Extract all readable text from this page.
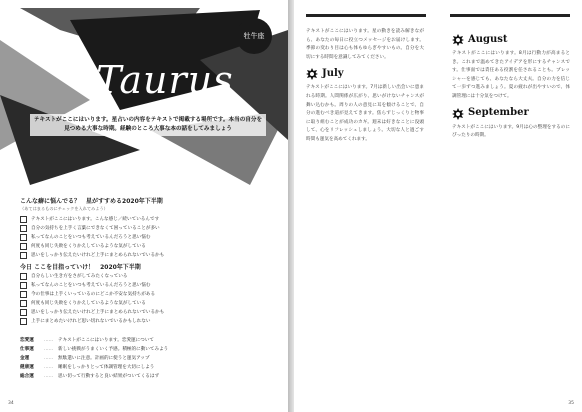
Taurus
牡牛座
テキストがここにはいります。星占いの内容をテキストで掲載する場所です。本当の自分を見つめる大事な時期。経験のところ大事な本の話をしてみましょう
こんな癖に悩んでる？　星がすすめる2020年下半期
（あてはまるものにチェックを入れてみよう）
テキストがここにはいります。こんな感じ／続いているんです
自分の気持ちを上手く言葉にできなくて困っていることが多い
私ってなんのことをいつも考えているんだろうと思い悩む
何度も同じ失敗をくりかえしているような気がしている
思いをしっかり伝えたいけれど上手にまとめられないでいるかも
今日 ここを目指っていけ！　2020年下半期
自分らしい生き方をさがしてみたくなっている
私ってなんのことをいつも考えているんだろうと思い悩む
今の仕事は上手くいっているのにどこか不安な気持ちがある
何度も同じ失敗をくりかえしているような気がしている
思いをしっかり伝えたいけれど上手にまとめられないでいるかも
上手にまとめたいけれど思い切れないでいるかもしれない
恋愛運	……	テキストがここにはいります。恋愛運について
仕事運	……	新しい挑戦がうまくいく予感。積極的に動いてみよう
金運	……	無駄遣いに注意。計画的に使うと運気アップ
健康運	……	睡眠をしっかりとって体調管理を大切にしよう
総合運	……	思い切って行動すると良い結果がついてくるはず
34

テキストがここにはいります。星の動きを読み解きながら、あなたの毎日に役立つメッセージをお届けします。季節の変わり目は心も体もゆらぎやすいもの。自分を大切にする時間を意識してみてください。

July

テキストがここにはいります。7月は新しい出会いに恵まれる時期。人間関係が広がり、思いがけないチャンスが舞い込むかも。周りの人の意見に耳を傾けることで、自分の進むべき道が見えてきます。焦らずじっくりと物事に取り組むことが成功のカギ。週末は好きなことに没頭して、心をリフレッシュしましょう。大切な人と過ごす時間も運気を高めてくれます。

August

テキストがここにはいります。8月は行動力が高まるとき。これまで温めてきたアイデアを形にするチャンスです。仕事面では責任ある役割を任されることも。プレッシャーを感じても、あなたなら大丈夫。自分の力を信じて一歩ずつ進みましょう。夏の疲れが出やすいので、体調管理には十分気をつけて。

September

テキストがここにはいります。9月は心の整理をするのにぴったりの時期。

35
